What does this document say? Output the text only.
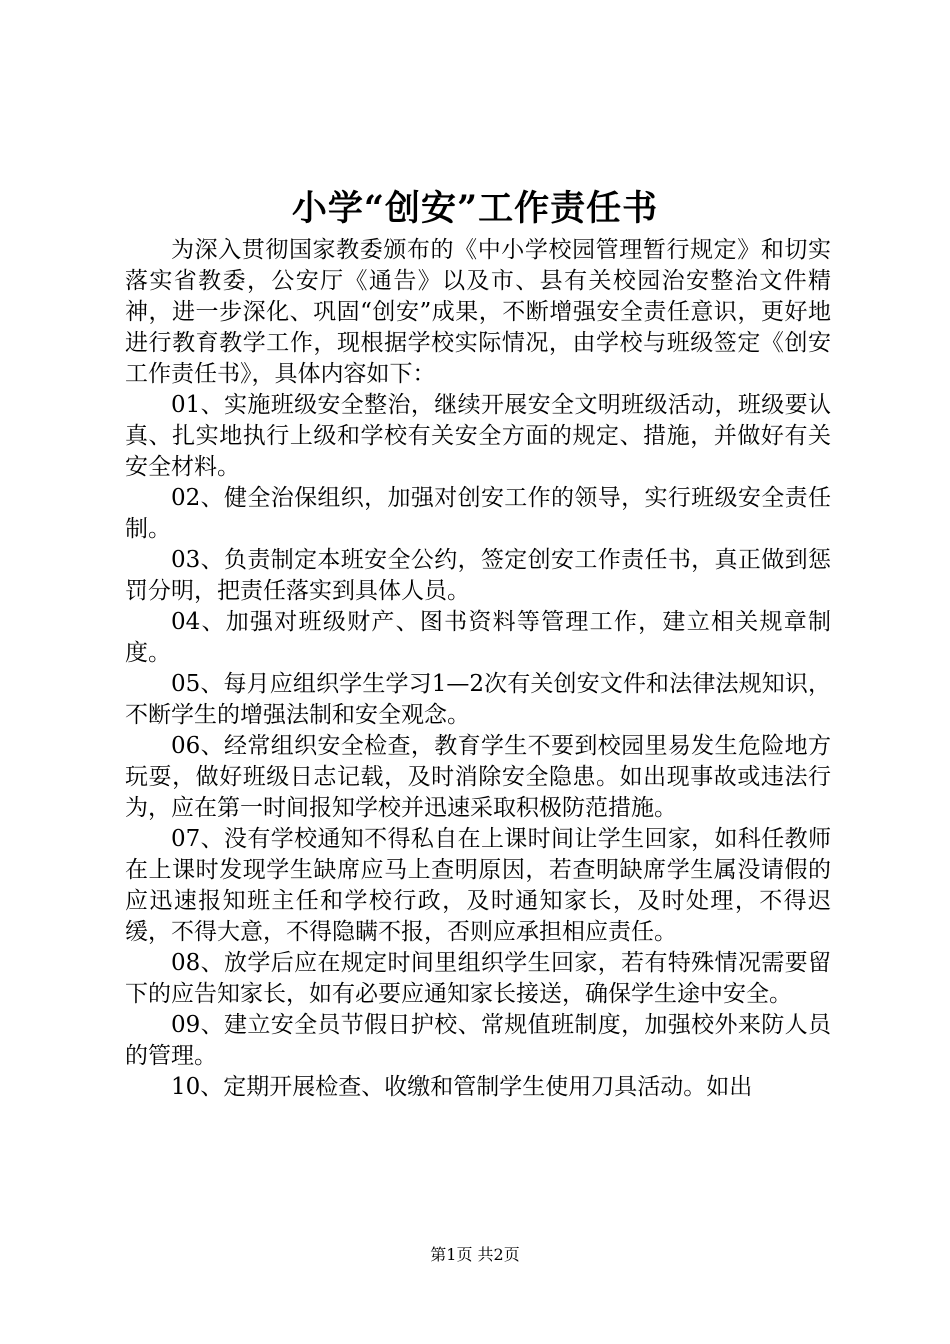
小学“创安”工作责任书

为深入贯彻国家教委颁布的《中小学校园管理暂行规定》和切实落实省教委，公安厅《通告》以及市、县有关校园治安整治文件精神，进一步深化、巩固“创安”成果，不断增强安全责任意识，更好地进行教育教学工作，现根据学校实际情况，由学校与班级签定《创安工作责任书》，具体内容如下：

01、实施班级安全整治，继续开展安全文明班级活动，班级要认真、扎实地执行上级和学校有关安全方面的规定、措施，并做好有关安全材料。

02、健全治保组织，加强对创安工作的领导，实行班级安全责任制。

03、负责制定本班安全公约，签定创安工作责任书，真正做到惩罚分明，把责任落实到具体人员。

04、加强对班级财产、图书资料等管理工作，建立相关规章制度。

05、每月应组织学生学习1—2次有关创安文件和法律法规知识，不断学生的增强法制和安全观念。

06、经常组织安全检查，教育学生不要到校园里易发生危险地方玩耍，做好班级日志记载，及时消除安全隐患。如出现事故或违法行为，应在第一时间报知学校并迅速采取积极防范措施。

07、没有学校通知不得私自在上课时间让学生回家，如科任教师在上课时发现学生缺席应马上查明原因，若查明缺席学生属没请假的应迅速报知班主任和学校行政，及时通知家长，及时处理，不得迟缓，不得大意，不得隐瞒不报，否则应承担相应责任。

08、放学后应在规定时间里组织学生回家，若有特殊情况需要留下的应告知家长，如有必要应通知家长接送，确保学生途中安全。

09、建立安全员节假日护校、常规值班制度，加强校外来防人员的管理。

10、定期开展检查、收缴和管制学生使用刀具活动。如出

第1页 共2页
